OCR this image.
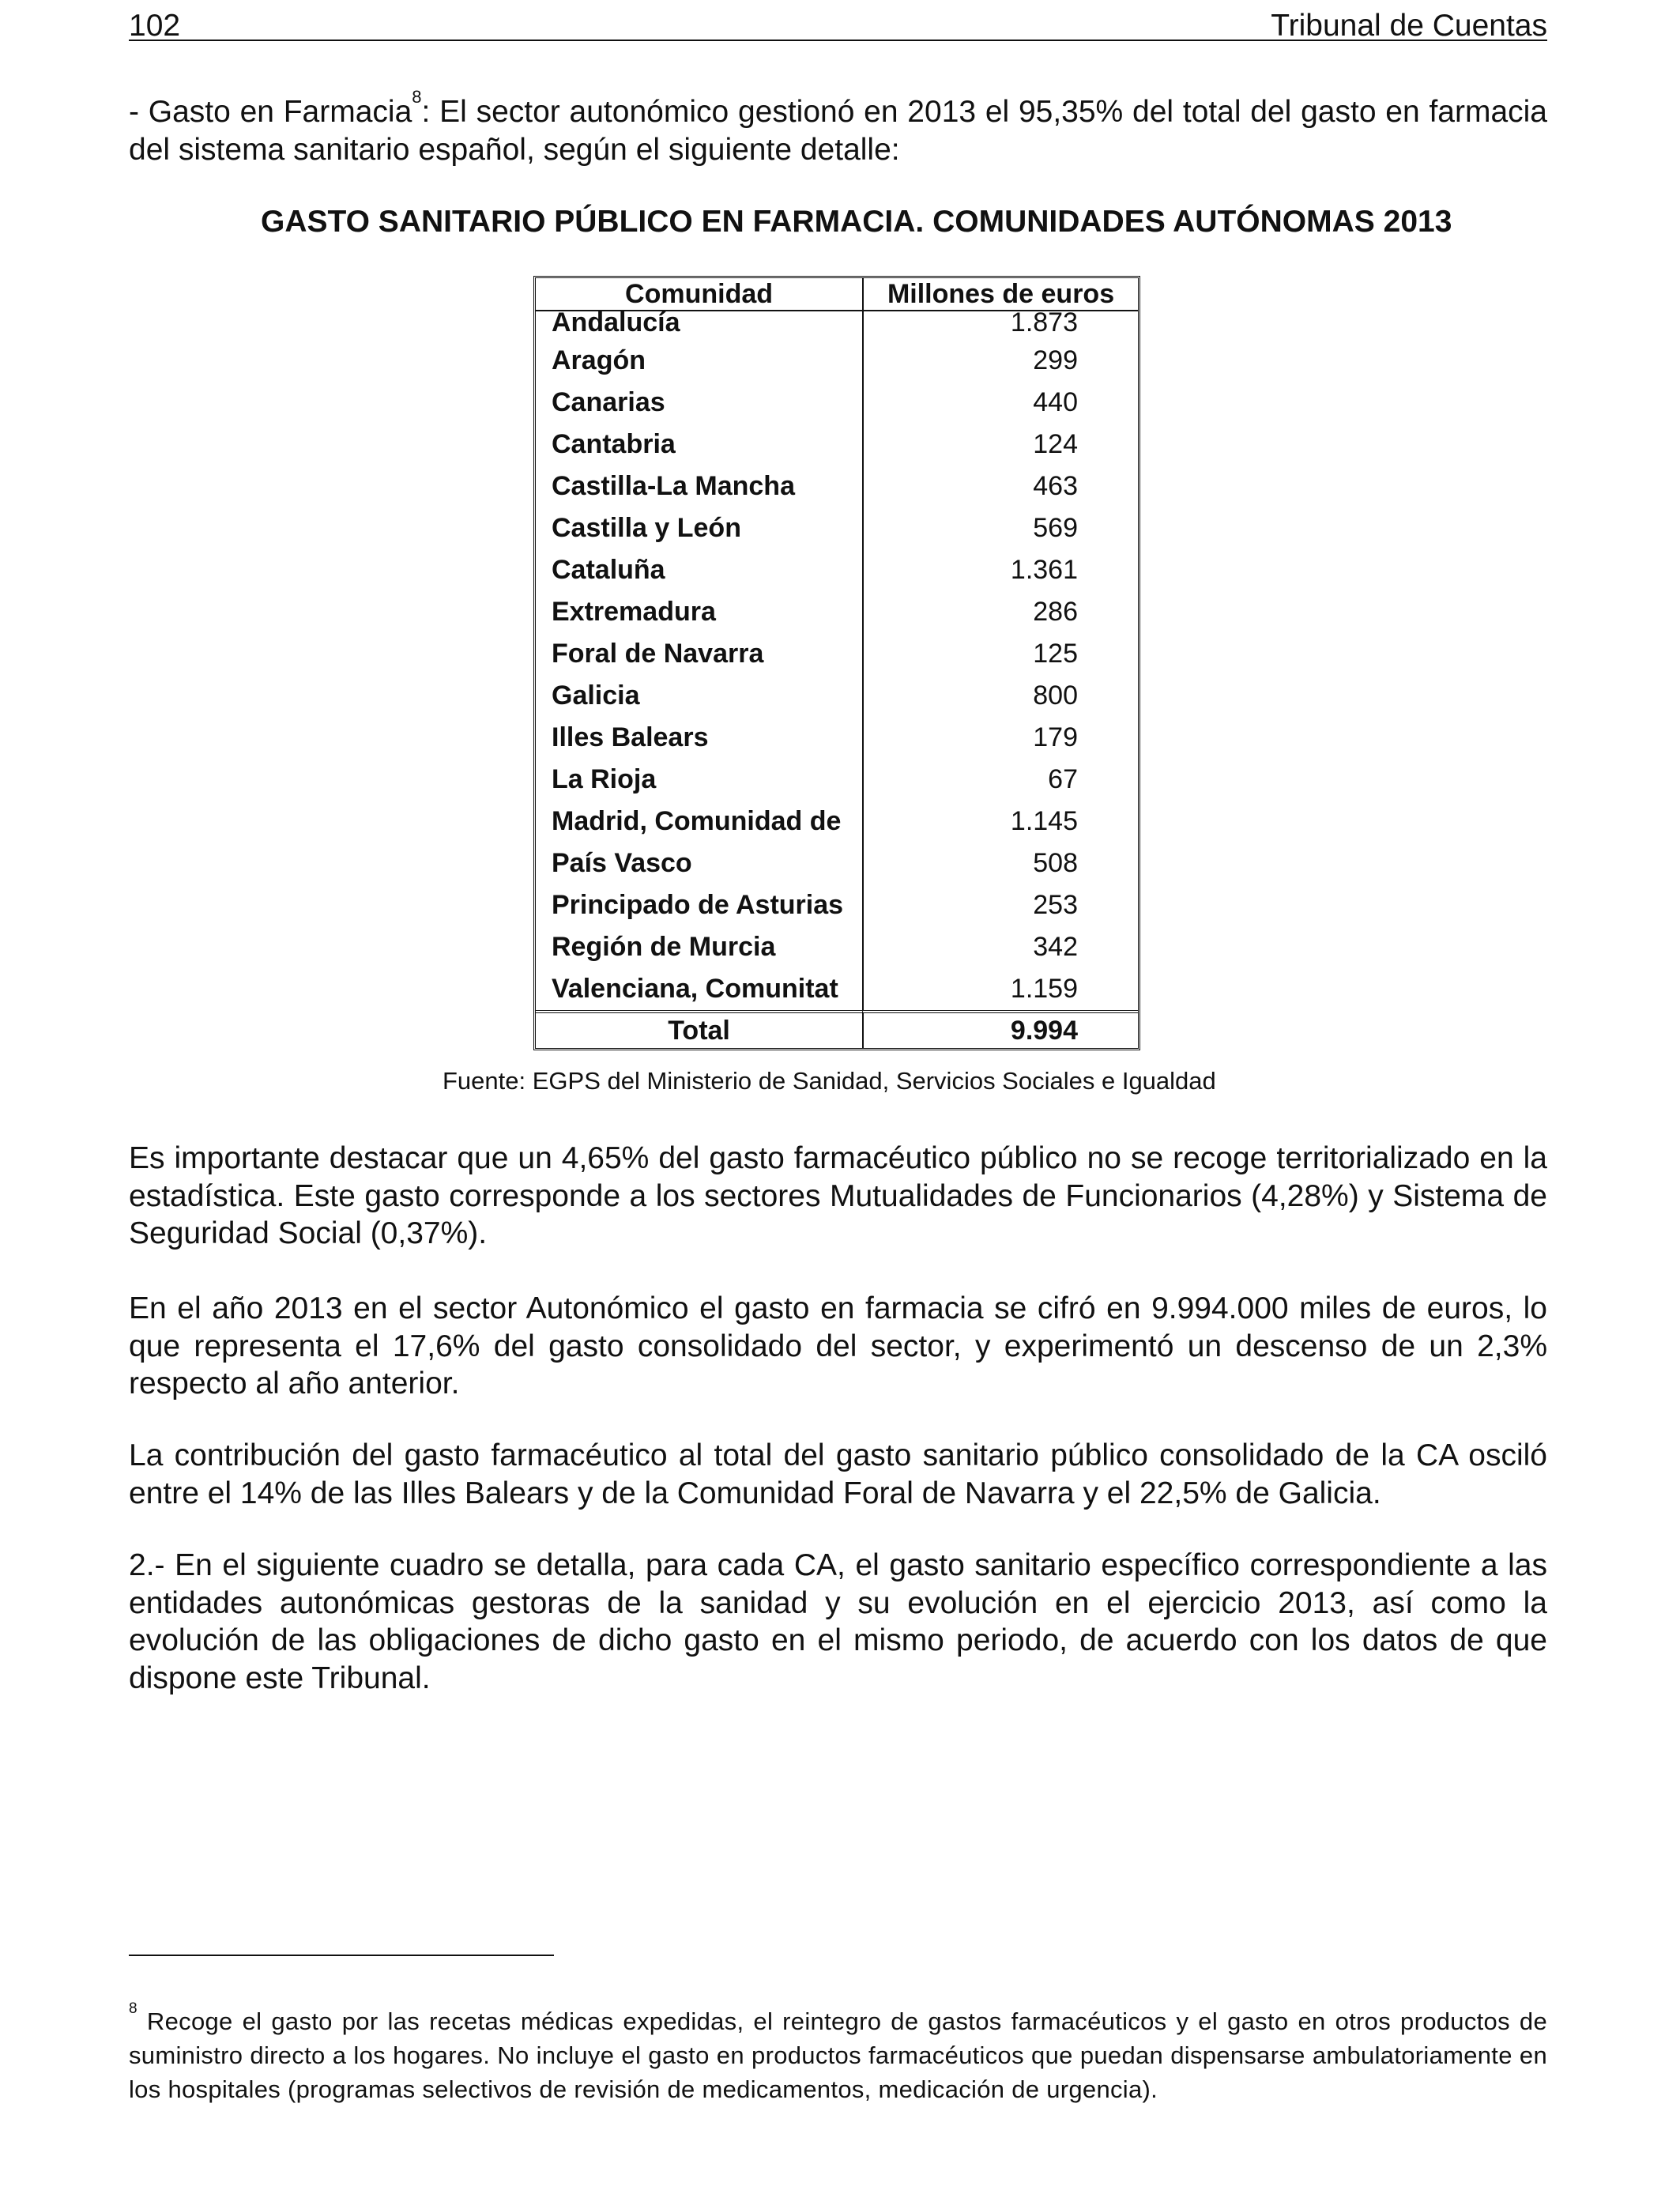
102	Tribunal de Cuentas
- Gasto en Farmacia$^8$: El sector autonómico gestionó en 2013 el 95,35% del total del gasto en farmacia del sistema sanitario español, según el siguiente detalle:
GASTO SANITARIO PÚBLICO EN FARMACIA. COMUNIDADES AUTÓNOMAS 2013
Comunidad	Millones de euros
Andalucía	1.873
Aragón	299
Canarias	440
Cantabria	124
Castilla-La Mancha	463
Castilla y León	569
Cataluña	1.361
Extremadura	286
Foral de Navarra	125
Galicia	800
Illes Balears	179
La Rioja	67
Madrid, Comunidad de	1.145
País Vasco	508
Principado de Asturias	253
Región de Murcia	342
Valenciana, Comunitat	1.159
Total	9.994
Fuente: EGPS del Ministerio de Sanidad, Servicios Sociales e Igualdad
Es importante destacar que un 4,65% del gasto farmacéutico público no se recoge territorializado en la estadística. Este gasto corresponde a los sectores Mutualidades de Funcionarios (4,28%) y Sistema de Seguridad Social (0,37%).
En el año 2013 en el sector Autonómico el gasto en farmacia se cifró en 9.994.000 miles de euros, lo que representa el 17,6% del gasto consolidado del sector, y experimentó un descenso de un 2,3% respecto al año anterior.
La contribución del gasto farmacéutico al total del gasto sanitario público consolidado de la CA osciló entre el 14% de las Illes Balears y de la Comunidad Foral de Navarra y el 22,5% de Galicia.
2.- En el siguiente cuadro se detalla, para cada CA, el gasto sanitario específico correspondiente a las entidades autonómicas gestoras de la sanidad y su evolución en el ejercicio 2013, así como la evolución de las obligaciones de dicho gasto en el mismo periodo, de acuerdo con los datos de que dispone este Tribunal.
$^8$ Recoge el gasto por las recetas médicas expedidas, el reintegro de gastos farmacéuticos y el gasto en otros productos de suministro directo a los hogares. No incluye el gasto en productos farmacéuticos que puedan dispensarse ambulatoriamente en los hospitales (programas selectivos de revisión de medicamentos, medicación de urgencia).
